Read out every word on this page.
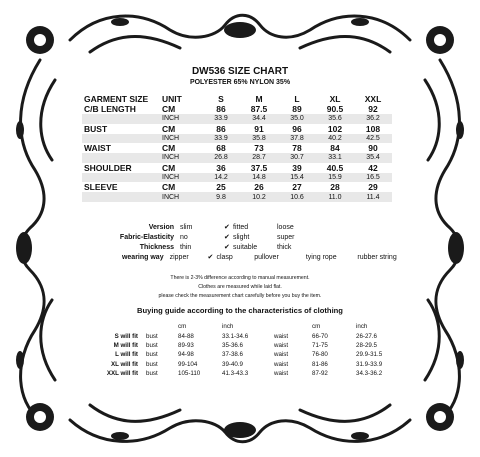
DW536 SIZE CHART
POLYESTER 65% NYLON 35%
GARMENT SIZE	UNIT	S	M	L	XL	XXL
C/B LENGTH	CM	86	87.5	89	90.5	92
	INCH	33.9	34.4	35.0	35.6	36.2
BUST	CM	86	91	96	102	108
	INCH	33.9	35.8	37.8	40.2	42.5
WAIST	CM	68	73	78	84	90
	INCH	26.8	28.7	30.7	33.1	35.4
SHOULDER	CM	36	37.5	39	40.5	42
	INCH	14.2	14.8	15.4	15.9	16.5
SLEEVE	CM	25	26	27	28	29
	INCH	9.8	10.2	10.6	11.0	11.4
Version slim	✔ fitted	loose
Fabric-Elasticity no	✔ slight	super
Thickness thin	✔ suitable	thick
wearing way zipper	✔ clasp	pullover	tying rope	rubber string
There is 2-3% difference according to manual measurement.
Clothes are measured while laid flat.
please check the measurement chart carefully before you buy the item.
Buying guide according to the characteristics of clothing
		cm	inch		cm	inch
S will fit	bust	84-88	33.1-34.6	waist	66-70	26-27.6
M will fit	bust	89-93	35-36.6	waist	71-75	28-29.5
L will fit	bust	94-98	37-38.6	waist	76-80	29.9-31.5
XL will fit	bust	99-104	39-40.9	waist	81-86	31.9-33.9
XXL will fit	bust	105-110	41.3-43.3	waist	87-92	34.3-36.2
